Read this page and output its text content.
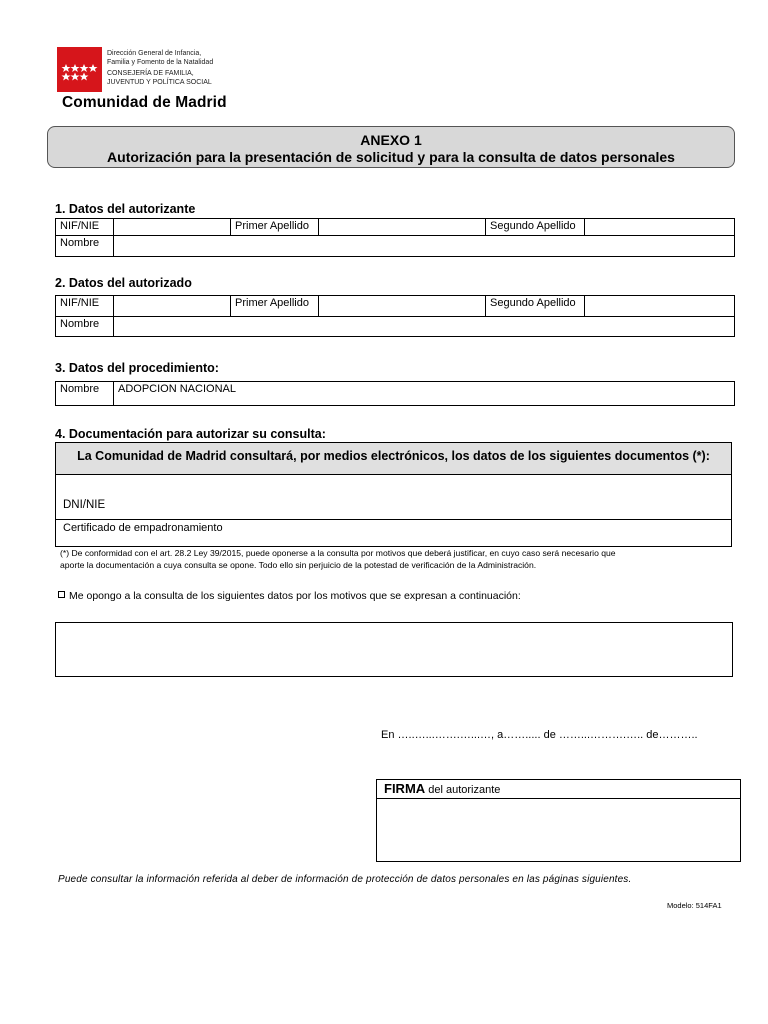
Dirección General de Infancia,
Familia y Fomento de la Natalidad
CONSEJERÍA DE FAMILIA,
JUVENTUD Y POLÍTICA SOCIAL
Comunidad de Madrid
ANEXO 1
Autorización para la presentación de solicitud y para la consulta de datos personales
1. Datos del autorizante
NIF/NIE		Primer Apellido		Segundo Apellido	
Nombre					
2. Datos del autorizado
NIF/NIE		Primer Apellido		Segundo Apellido	
Nombre					
3. Datos del procedimiento:
Nombre	ADOPCION NACIONAL
4. Documentación para autorizar su consulta:
La Comunidad de Madrid consultará, por medios electrónicos, los datos de los siguientes documentos (*):
DNI/NIE
Certificado de empadronamiento
(*) De conformidad con el art. 28.2 Ley 39/2015, puede oponerse a la consulta por motivos que deberá justificar, en cuyo caso será necesario que
aporte la documentación a cuya consulta se opone. Todo ello sin perjuicio de la potestad de verificación de la Administración.
Me opongo a la consulta de los siguientes datos por los motivos que se expresan a continuación:
En …..…...…….…...…, a……..... de ……...……….….. de………..
FIRMA del autorizante
Puede consultar la información referida al deber de información de protección de datos personales en las páginas siguientes.
Modelo: 514FA1
